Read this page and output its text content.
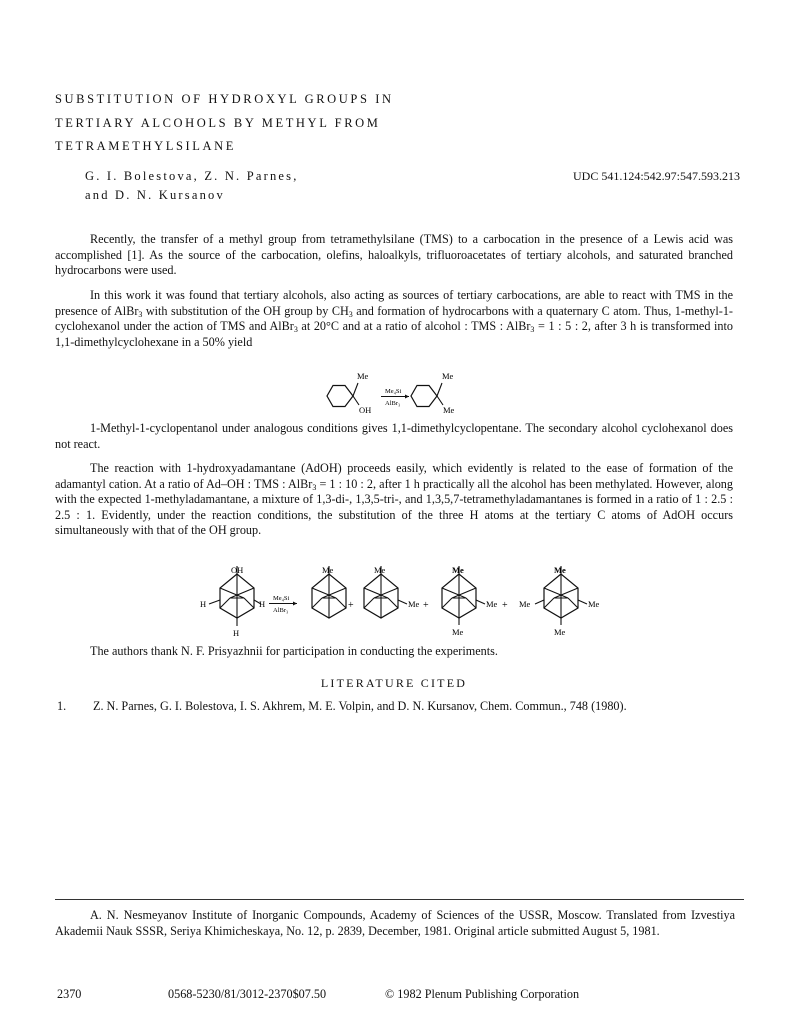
SUBSTITUTION OF HYDROXYL GROUPS IN
TERTIARY ALCOHOLS BY METHYL FROM
TETRAMETHYLSILANE
G. I. Bolestova, Z. N. Parnes,
and D. N. Kursanov
UDC 541.124:542.97:547.593.213
Recently, the transfer of a methyl group from tetramethylsilane (TMS) to a carbocation in the presence of a Lewis acid was accomplished [1]. As the source of the carbocation, olefins, haloalkyls, trifluoroacetates of tertiary alcohols, and saturated branched hydrocarbons were used.
In this work it was found that tertiary alcohols, also acting as sources of tertiary carbocations, are able to react with TMS in the presence of AlBr$_3$ with substitution of the OH group by $CH_3$ and formation of hydrocarbons with a quaternary C atom. Thus, 1-methyl-1-cyclohexanol under the action of TMS and AlBr$_3$ at 20°C and at a ratio of alcohol : TMS : AlBr$_3$ = 1 : 5 : 2, after 3 h is transformed into 1,1-dimethylcyclohexane in a 50% yield
Me
OH
Me₄Si
AlBr₃
Me
Me
1-Methyl-1-cyclopentanol under analogous conditions gives 1,1-dimethylcyclopentane. The secondary alcohol cyclohexanol does not react.
The reaction with 1-hydroxyadamantane (AdOH) proceeds easily, which evidently is related to the ease of formation of the adamantyl cation. At a ratio of Ad–OH : TMS : AlBr$_3$ = 1 : 10 : 2, after 1 h practically all the alcohol has been methylated. However, along with the expected 1-methyladamantane, a mixture of 1,3-di-, 1,3,5-tri-, and 1,3,5,7-tetramethyladamantanes is formed in a ratio of 1 : 2.5 : 2.5 : 1. Evidently, under the reaction conditions, the substitution of the three H atoms at the tertiary C atoms of AdOH occurs simultaneously with that of the OH group.
OH
H	H
H
Me₄Si
AlBr₃
Me
+
Me
Me +
Me
Me
Me
+
Me
Me
Me
Me
The authors thank N. F. Prisyazhnii for participation in conducting the experiments.
LITERATURE CITED
1. Z. N. Parnes, G. I. Bolestova, I. S. Akhrem, M. E. Volpin, and D. N. Kursanov, Chem. Commun., 748 (1980).
A. N. Nesmeyanov Institute of Inorganic Compounds, Academy of Sciences of the USSR, Moscow. Translated from Izvestiya Akademii Nauk SSSR, Seriya Khimicheskaya, No. 12, p. 2839, December, 1981. Original article submitted August 5, 1981.
2370	0568-5230/81/3012-2370$07.50	© 1982 Plenum Publishing Corporation
